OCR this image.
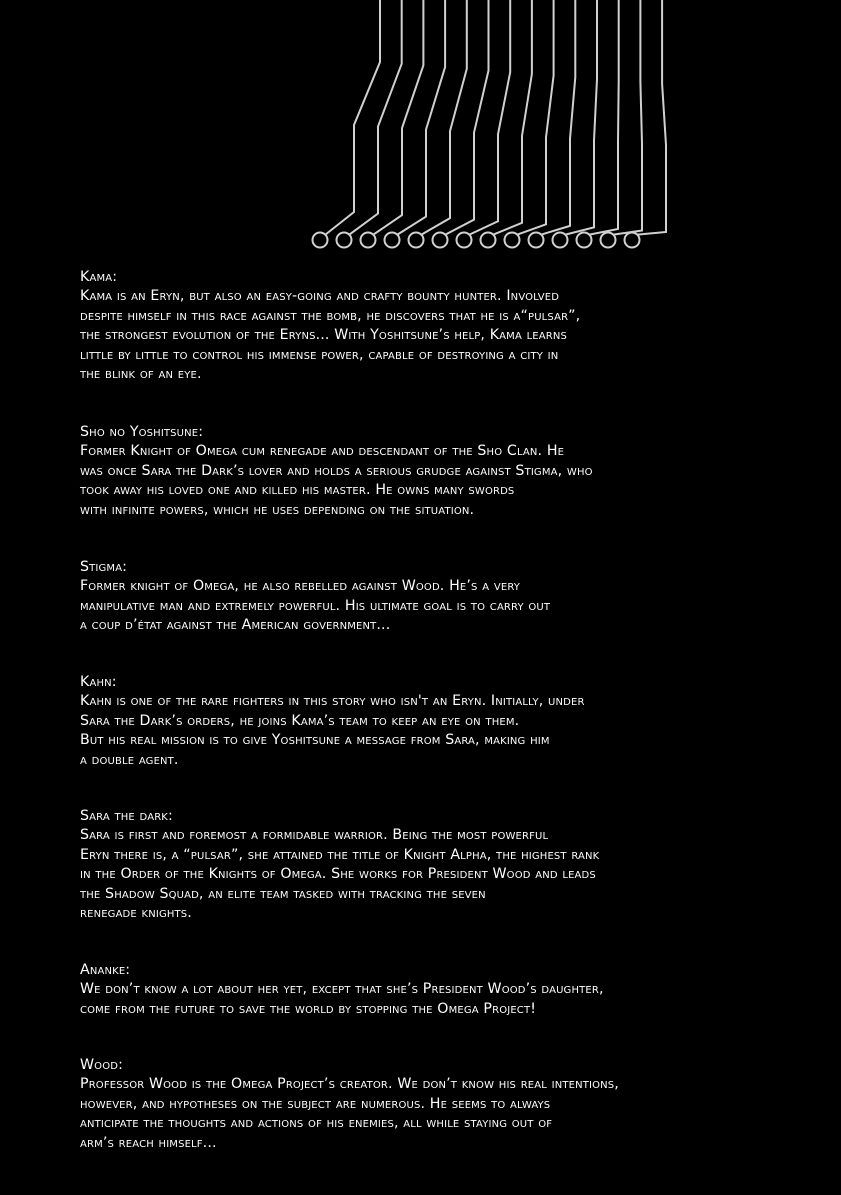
Kama:

Kama is an Eryn, but also an easy-going and crafty bounty hunter. Involved

despite himself in this race against the bomb, he discovers that he is a“pulsar”,

the strongest evolution of the Eryns... With Yoshitsune’s help, Kama learns

little by little to control his immense power, capable of destroying a city in

the blink of an eye.

Sho no Yoshitsune:

Former Knight of Omega cum renegade and descendant of the Sho Clan. He

was once Sara the Dark’s lover and holds a serious grudge against Stigma, who

took away his loved one and killed his master. He owns many swords

with infinite powers, which he uses depending on the situation.

Stigma:

Former knight of Omega, he also rebelled against Wood. He’s a very

manipulative man and extremely powerful. His ultimate goal is to carry out

a coup d’état against the American government...

Kahn:

Kahn is one of the rare fighters in this story who isn't an Eryn. Initially, under

Sara the Dark’s orders, he joins Kama’s team to keep an eye on them.

But his real mission is to give Yoshitsune a message from Sara, making him

a double agent.

Sara the dark:

Sara is first and foremost a formidable warrior. Being the most powerful

Eryn there is, a “pulsar”, she attained the title of Knight Alpha, the highest rank

in the Order of the Knights of Omega. She works for President Wood and leads

the Shadow Squad, an elite team tasked with tracking the seven

renegade knights.

Ananke:

We don’t know a lot about her yet, except that she’s President Wood’s daughter,

come from the future to save the world by stopping the Omega Project!

Wood:

Professor Wood is the Omega Project’s creator. We don’t know his real intentions,

however, and hypotheses on the subject are numerous. He seems to always

anticipate the thoughts and actions of his enemies, all while staying out of

arm’s reach himself...
